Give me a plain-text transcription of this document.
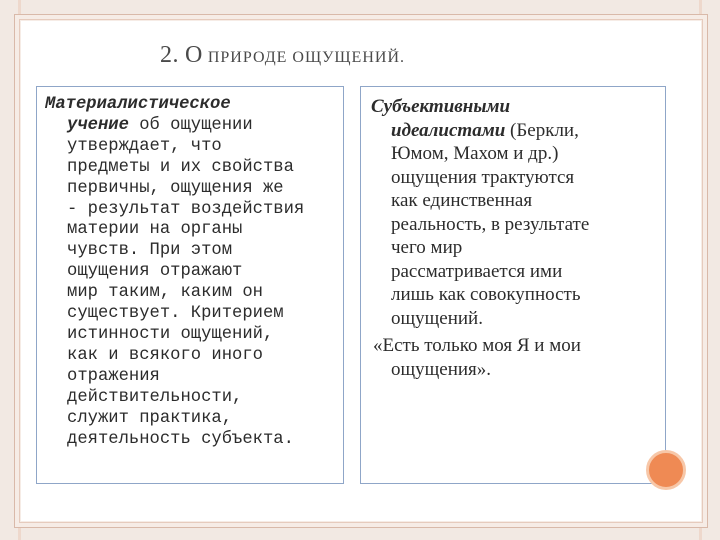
2. О ПРИРОДЕ ОЩУЩЕНИЙ.
Материалистическое
учение об ощущении
утверждает, что
предметы и их свойства
первичны, ощущения же
- результат воздействия
материи на органы
чувств. При этом
ощущения отражают
мир таким, каким он
существует. Критерием
истинности ощущений,
как и всякого иного
отражения
действительности,
служит практика,
деятельность субъекта.

Субъективными

идеалистами (Беркли,

Юмом, Махом и др.)

ощущения трактуются

как единственная

реальность, в результате

чего мир

рассматривается ими

лишь как совокупность

ощущений.

«Есть только моя Я и мои

ощущения».
